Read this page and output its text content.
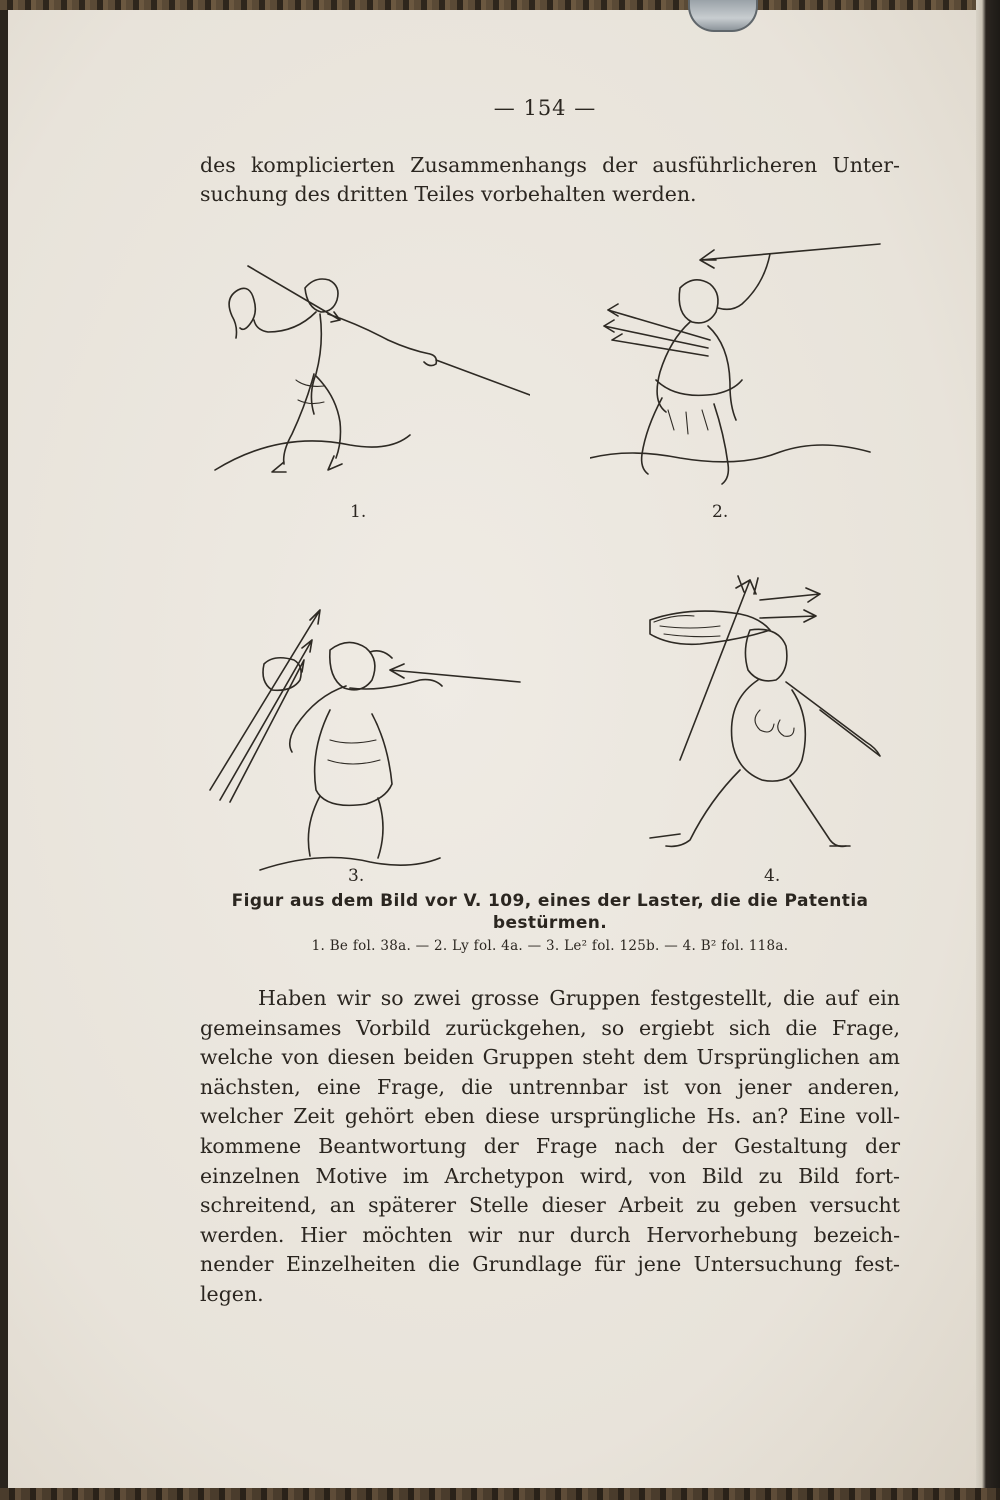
— 154 —
des komplicierten Zusammenhangs der ausführlicheren Unter-
suchung des dritten Teiles vorbehalten werden.
1.	2.
3.	4.
Figur aus dem Bild vor V. 109, eines der Laster, die die Patentia
bestürmen.
1. Be fol. 38a. — 2. Ly fol. 4a. — 3. Le² fol. 125b. — 4. B² fol. 118a.
Haben wir so zwei grosse Gruppen festgestellt, die auf ein
gemeinsames Vorbild zurückgehen, so ergiebt sich die Frage,
welche von diesen beiden Gruppen steht dem Ursprünglichen am
nächsten, eine Frage, die untrennbar ist von jener anderen,
welcher Zeit gehört eben diese ursprüngliche Hs. an? Eine voll-
kommene Beantwortung der Frage nach der Gestaltung der
einzelnen Motive im Archetypon wird, von Bild zu Bild fort-
schreitend, an späterer Stelle dieser Arbeit zu geben versucht
werden. Hier möchten wir nur durch Hervorhebung bezeich-
nender Einzelheiten die Grundlage für jene Untersuchung fest-
legen.
